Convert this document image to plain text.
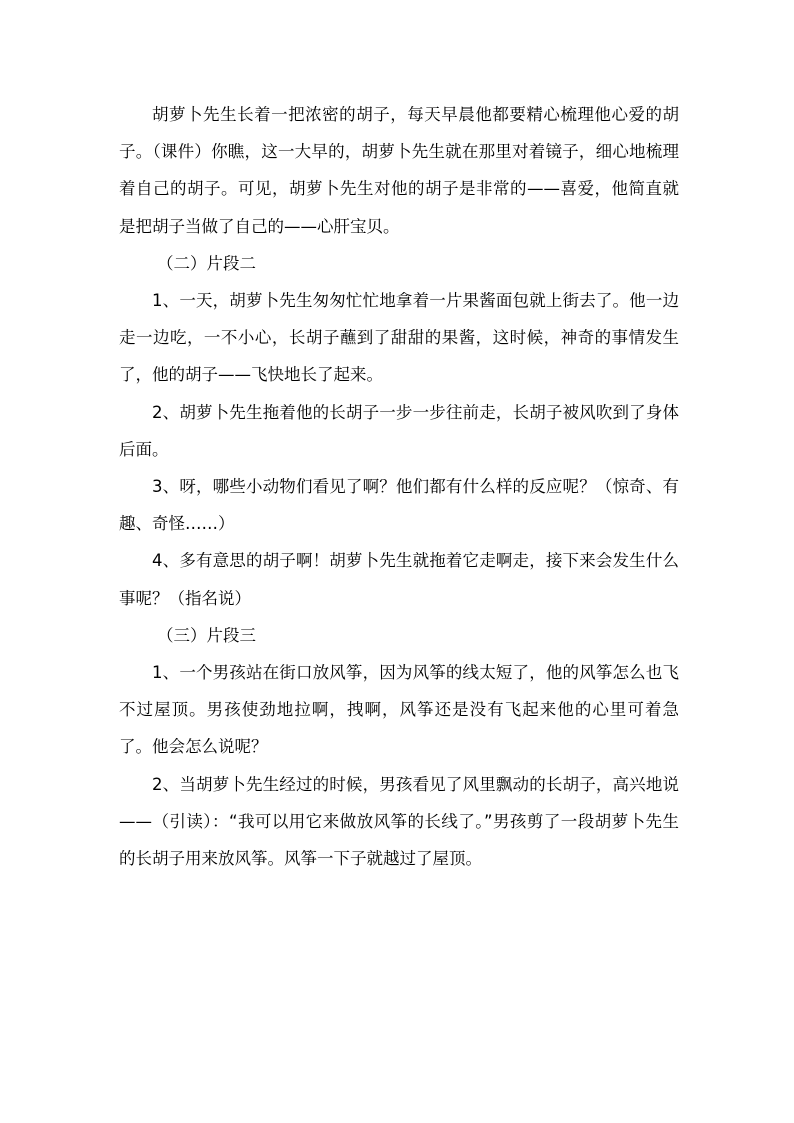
胡萝卜先生长着一把浓密的胡子，每天早晨他都要精心梳理他心爱的胡子。（课件）你瞧，这一大早的，胡萝卜先生就在那里对着镜子，细心地梳理着自己的胡子。可见，胡萝卜先生对他的胡子是非常的——喜爱，他简直就是把胡子当做了自己的——心肝宝贝。

（二）片段二

1、一天，胡萝卜先生匆匆忙忙地拿着一片果酱面包就上街去了。他一边走一边吃，一不小心，长胡子蘸到了甜甜的果酱，这时候，神奇的事情发生了，他的胡子——飞快地长了起来。

2、胡萝卜先生拖着他的长胡子一步一步往前走，长胡子被风吹到了身体后面。

3、呀，哪些小动物们看见了啊？他们都有什么样的反应呢？（惊奇、有趣、奇怪……）

4、多有意思的胡子啊！胡萝卜先生就拖着它走啊走，接下来会发生什么事呢？（指名说）

（三）片段三

1、一个男孩站在街口放风筝，因为风筝的线太短了，他的风筝怎么也飞不过屋顶。男孩使劲地拉啊，拽啊，风筝还是没有飞起来他的心里可着急了。他会怎么说呢？

2、当胡萝卜先生经过的时候，男孩看见了风里飘动的长胡子，高兴地说——（引读）：“我可以用它来做放风筝的长线了。”男孩剪了一段胡萝卜先生的长胡子用来放风筝。风筝一下子就越过了屋顶。
